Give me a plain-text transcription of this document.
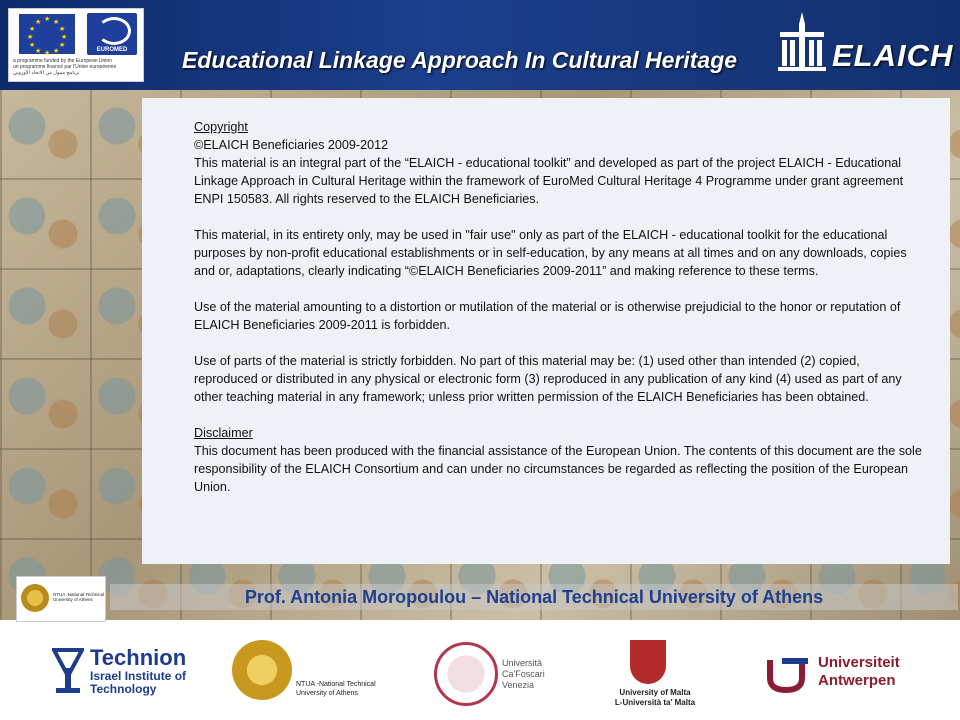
★ ★
★
★
★
★
★
★
★
★
★
★
EUROMED
a programme funded by the European Union
un programme financé par l'Union européenne
برنامج ممول من الاتحاد الأوروبي	Educational Linkage Approach In Cultural Heritage	ELAICH
Copyright
©ELAICH Beneficiaries 2009-2012
This material is an integral part of the “ELAICH - educational toolkit” and developed as part of the project ELAICH - Educational Linkage Approach in Cultural Heritage within the framework of EuroMed Cultural Heritage 4 Programme under grant agreement ENPI 150583. All rights reserved to the ELAICH Beneficiaries.

This material, in its entirety only, may be used in "fair use" only as part of the ELAICH - educational toolkit for the educational purposes by non-profit educational establishments or in self-education, by any means at all times and on any downloads, copies and or, adaptations, clearly indicating “©ELAICH Beneficiaries 2009-2011” and making reference to these terms.

Use of the material amounting to a distortion or mutilation of the material or is otherwise prejudicial to the honor or reputation of ELAICH Beneficiaries 2009-2011 is forbidden.

Use of parts of the material is strictly forbidden. No part of this material may be: (1) used other than intended (2) copied, reproduced or distributed in any physical or electronic form (3) reproduced in any publication of any kind (4) used as part of any other teaching material in any framework; unless prior written permission of the ELAICH Beneficiaries has been obtained.

Disclaimer
This document has been produced with the financial assistance of the European Union. The contents of this document are the sole responsibility of the ELAICH Consortium and can under no circumstances be regarded as reflecting the position of the European Union.
NTUA -National Technical
University of Athens	Prof. Antonia Moropoulou – National Technical University of Athens
Technion
Israel Institute of
Technology	NTUA -National Technical
University of Athens
Università
Ca'Foscari
Venezia
University of Malta
L-Università ta' Malta
Universiteit
Antwerpen
